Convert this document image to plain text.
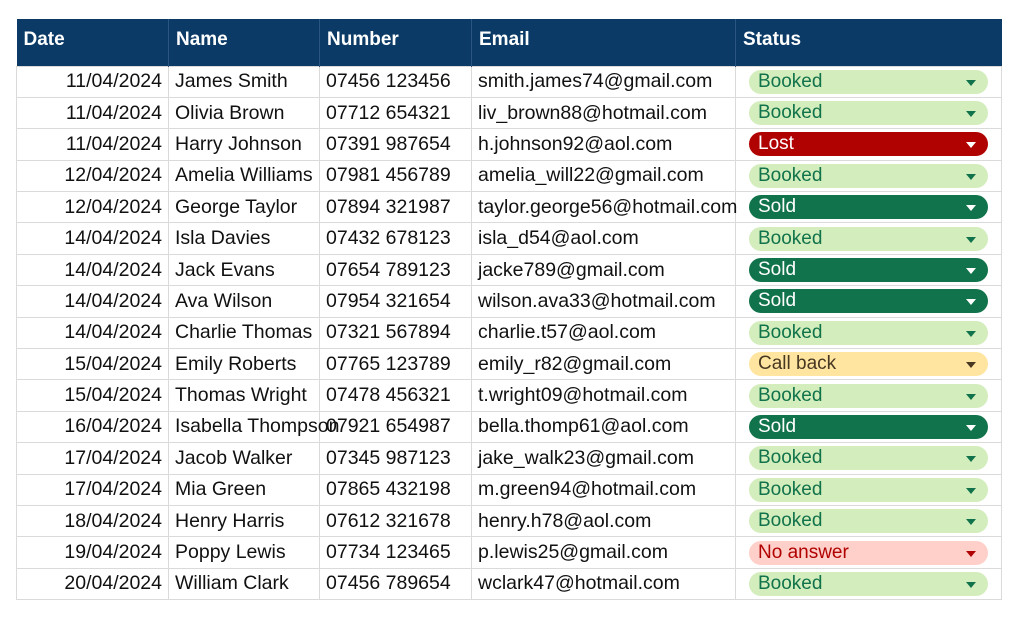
Date	Name	Number	Email	Status
11/04/2024	James Smith	07456 123456	smith.james74@gmail.com	Booked

11/04/2024	Olivia Brown	07712 654321	liv_brown88@hotmail.com	Booked

11/04/2024	Harry Johnson	07391 987654	h.johnson92@aol.com	Lost

12/04/2024	Amelia Williams	07981 456789	amelia_will22@gmail.com	Booked

12/04/2024	George Taylor	07894 321987	taylor.george56@hotmail.com	Sold

14/04/2024	Isla Davies	07432 678123	isla_d54@aol.com	Booked

14/04/2024	Jack Evans	07654 789123	jacke789@gmail.com	Sold

14/04/2024	Ava Wilson	07954 321654	wilson.ava33@hotmail.com	Sold

14/04/2024	Charlie Thomas	07321 567894	charlie.t57@aol.com	Booked

15/04/2024	Emily Roberts	07765 123789	emily_r82@gmail.com	Call back

15/04/2024	Thomas Wright	07478 456321	t.wright09@hotmail.com	Booked

16/04/2024	Isabella Thompson	07921 654987	bella.thomp61@aol.com	Sold

17/04/2024	Jacob Walker	07345 987123	jake_walk23@gmail.com	Booked

17/04/2024	Mia Green	07865 432198	m.green94@hotmail.com	Booked

18/04/2024	Henry Harris	07612 321678	henry.h78@aol.com	Booked

19/04/2024	Poppy Lewis	07734 123465	p.lewis25@gmail.com	No answer

20/04/2024	William Clark	07456 789654	wclark47@hotmail.com	Booked
